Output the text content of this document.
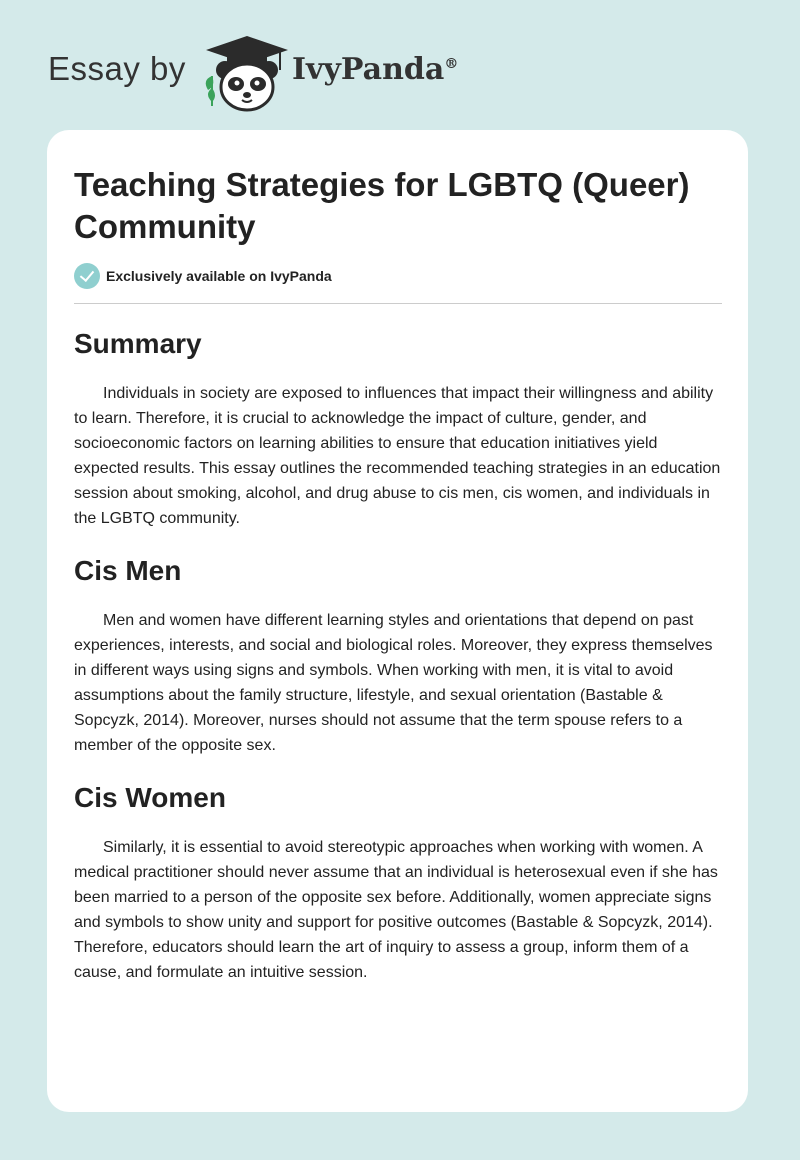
Essay by	IvyPanda®
Teaching Strategies for LGBTQ (Queer) Community
Exclusively available on IvyPanda
Summary

Individuals in society are exposed to influences that impact their willingness and ability to learn. Therefore, it is crucial to acknowledge the impact of culture, gender, and socioeconomic factors on learning abilities to ensure that education initiatives yield expected results. This essay outlines the recommended teaching strategies in an education session about smoking, alcohol, and drug abuse to cis men, cis women, and individuals in the LGBTQ community.

Cis Men

Men and women have different learning styles and orientations that depend on past experiences, interests, and social and biological roles. Moreover, they express themselves in different ways using signs and symbols. When working with men, it is vital to avoid assumptions about the family structure, lifestyle, and sexual orientation (Bastable & Sopcyzk, 2014). Moreover, nurses should not assume that the term spouse refers to a member of the opposite sex.

Cis Women

Similarly, it is essential to avoid stereotypic approaches when working with women. A medical practitioner should never assume that an individual is heterosexual even if she has been married to a person of the opposite sex before. Additionally, women appreciate signs and symbols to show unity and support for positive outcomes (Bastable & Sopcyzk, 2014). Therefore, educators should learn the art of inquiry to assess a group, inform them of a cause, and formulate an intuitive session.
